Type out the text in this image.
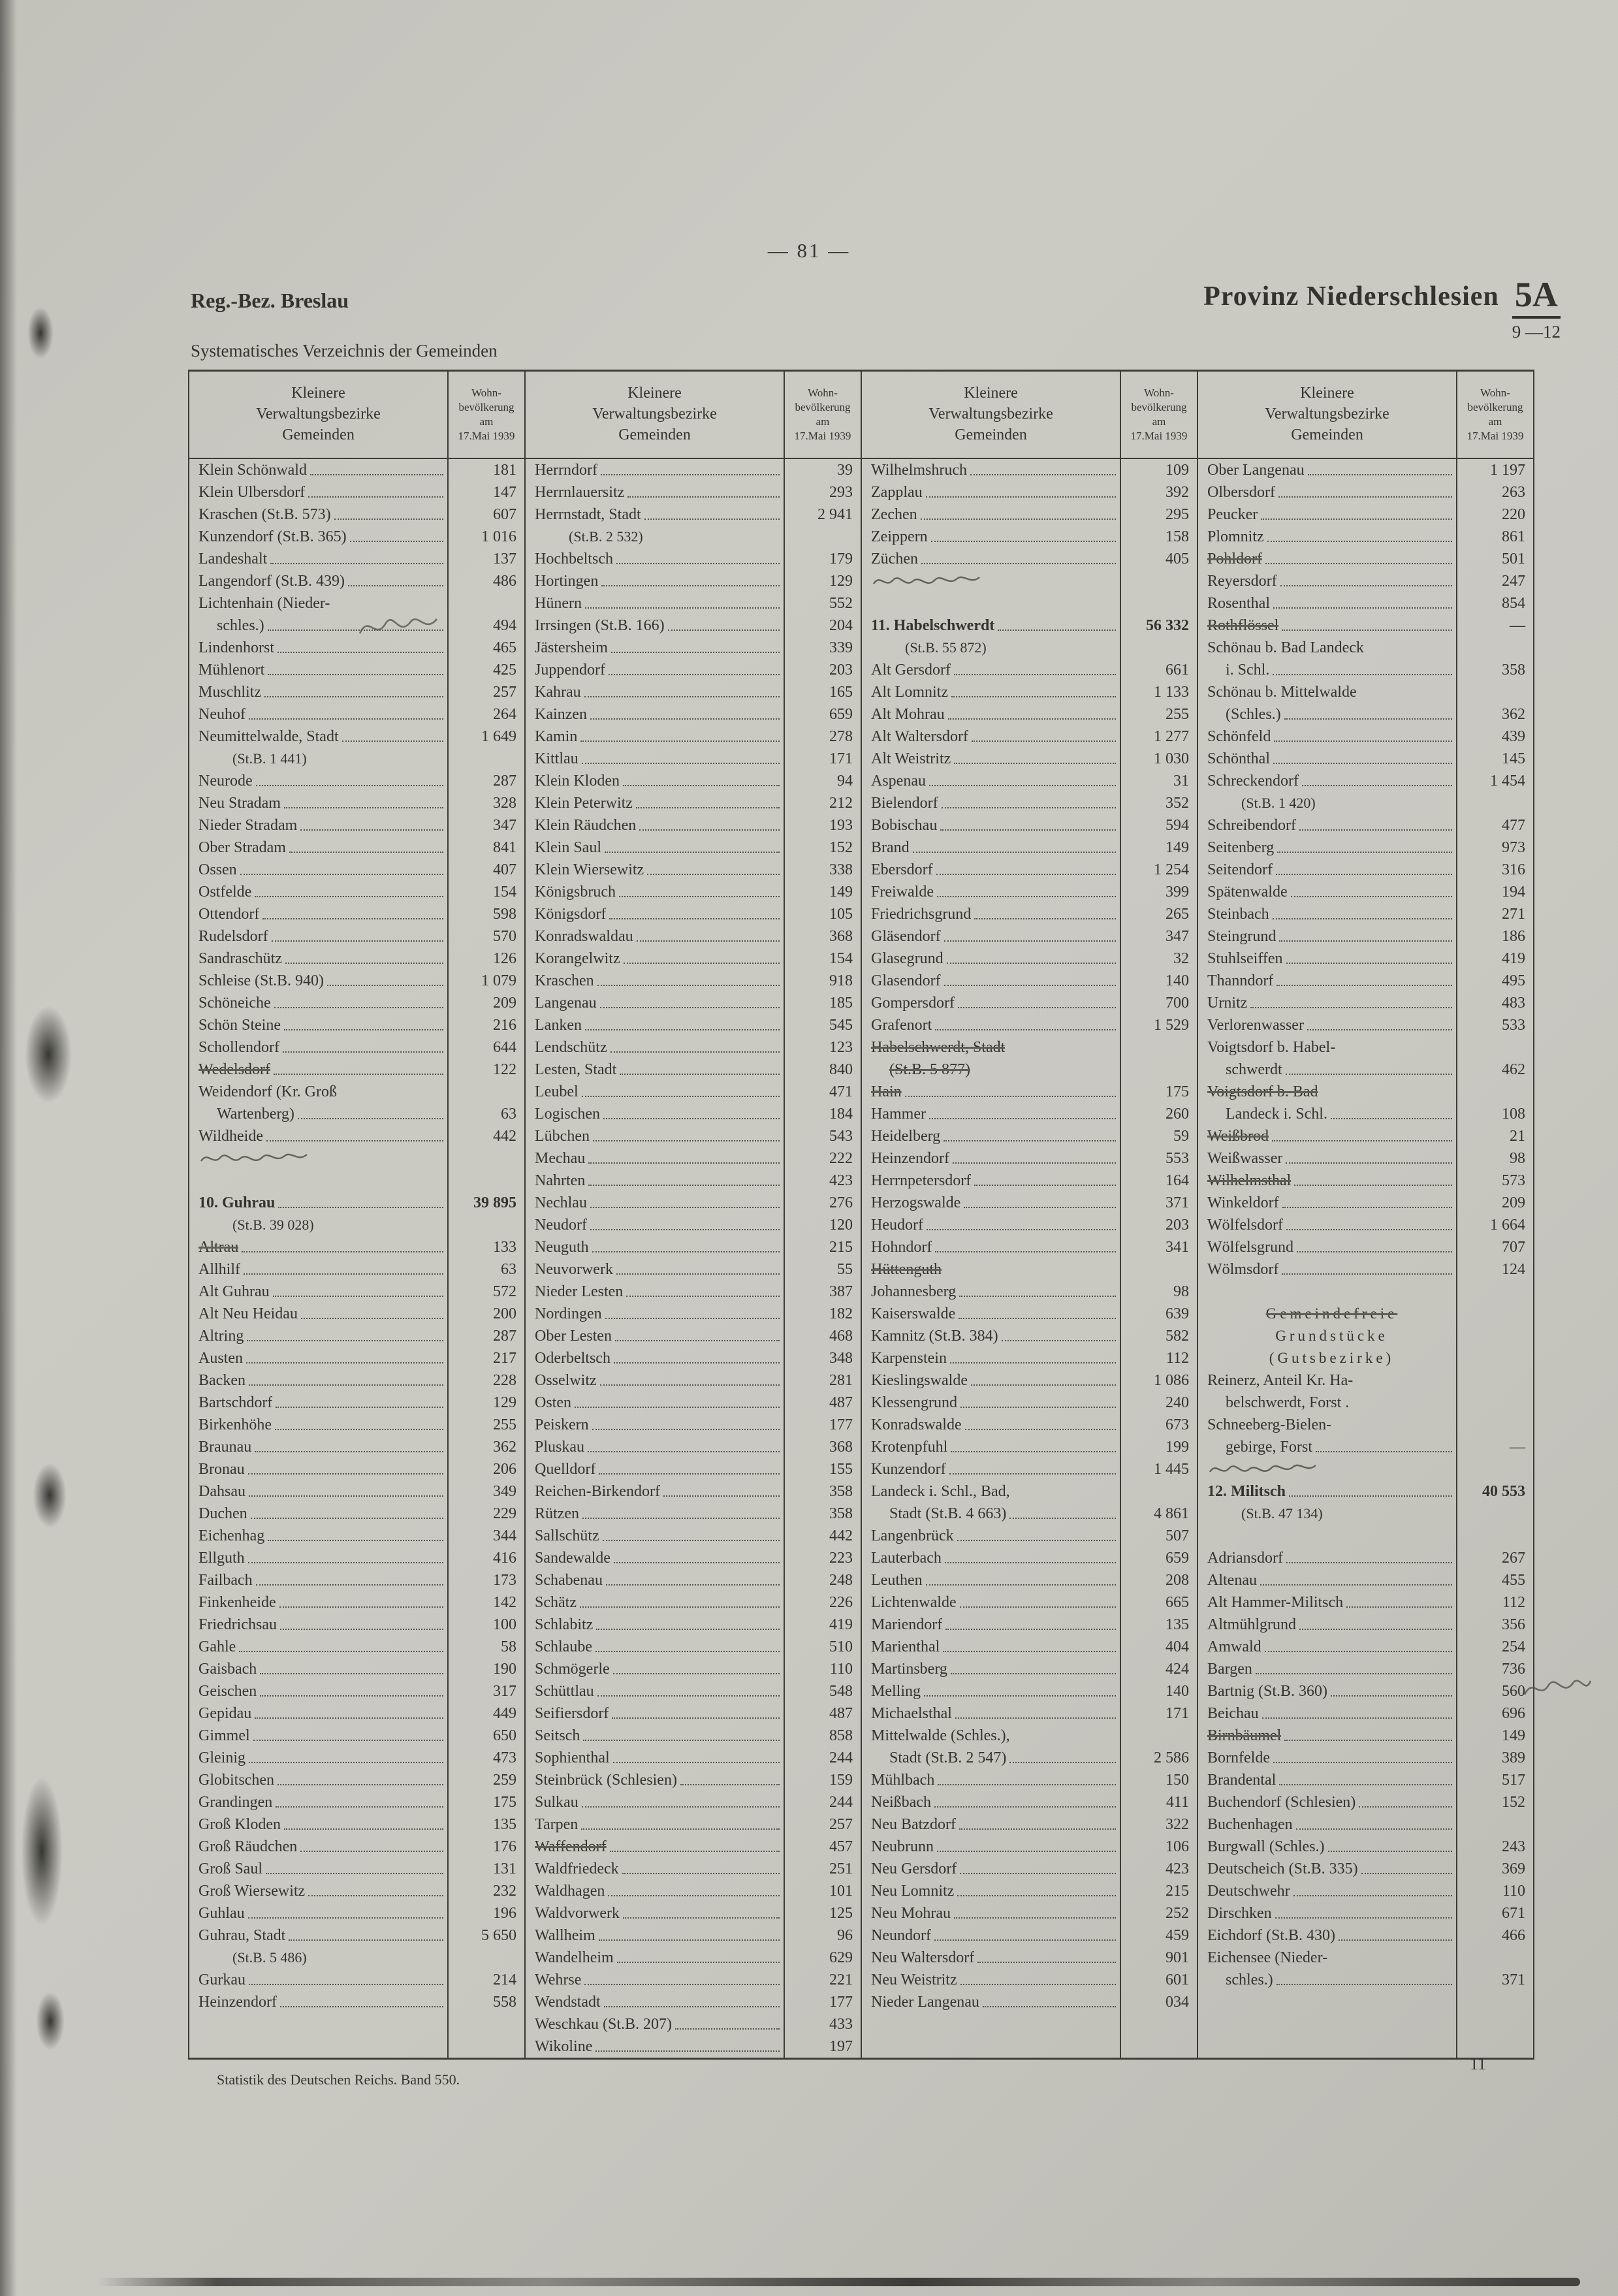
— 81 —
Reg.-Bez. Breslau
Systematisches Verzeichnis der Gemeinden
Provinz Niederschlesien 5A
9 —12
Kleinere
Verwaltungsbezirke
Gemeinden
Wohn-
bevölkerung
am
17.Mai 1939
Klein Schönwald	181
Klein Ulbersdorf	147
Kraschen (St.B. 573)	607
Kunzendorf (St.B. 365)	1 016
Landeshalt	137
Langendorf (St.B. 439)	486
Lichtenhain (Nieder-
schles.)	494
Lindenhorst	465
Mühlenort	425
Muschlitz	257
Neuhof	264
Neumittelwalde, Stadt	1 649
(St.B. 1 441)
Neurode	287
Neu Stradam	328
Nieder Stradam	347
Ober Stradam	841
Ossen	407
Ostfelde	154
Ottendorf	598
Rudelsdorf	570
Sandraschütz	126
Schleise (St.B. 940)	1 079
Schöneiche	209
Schön Steine	216
Schollendorf	644
Wedelsdorf	122
Weidendorf (Kr. Groß
Wartenberg)	63
Wildheide	442
10. Guhrau	39 895
(St.B. 39 028)
Altrau	133
Allhilf	63
Alt Guhrau	572
Alt Neu Heidau	200
Altring	287
Austen	217
Backen	228
Bartschdorf	129
Birkenhöhe	255
Braunau	362
Bronau	206
Dahsau	349
Duchen	229
Eichenhag	344
Ellguth	416
Failbach	173
Finkenheide	142
Friedrichsau	100
Gahle	58
Gaisbach	190
Geischen	317
Gepidau	449
Gimmel	650
Gleinig	473
Globitschen	259
Grandingen	175
Groß Kloden	135
Groß Räudchen	176
Groß Saul	131
Groß Wiersewitz	232
Guhlau	196
Guhrau, Stadt	5 650
(St.B. 5 486)
Gurkau	214
Heinzendorf	558
Kleinere
Verwaltungsbezirke
Gemeinden
Wohn-
bevölkerung
am
17.Mai 1939
Herrndorf	39
Herrnlauersitz	293
Herrnstadt, Stadt	2 941
(St.B. 2 532)
Hochbeltsch	179
Hortingen	129
Hünern	552
Irrsingen (St.B. 166)	204
Jästersheim	339
Juppendorf	203
Kahrau	165
Kainzen	659
Kamin	278
Kittlau	171
Klein Kloden	94
Klein Peterwitz	212
Klein Räudchen	193
Klein Saul	152
Klein Wiersewitz	338
Königsbruch	149
Königsdorf	105
Konradswaldau	368
Korangelwitz	154
Kraschen	918
Langenau	185
Lanken	545
Lendschütz	123
Lesten, Stadt	840
Leubel	471
Logischen	184
Lübchen	543
Mechau	222
Nahrten	423
Nechlau	276
Neudorf	120
Neuguth	215
Neuvorwerk	55
Nieder Lesten	387
Nordingen	182
Ober Lesten	468
Oderbeltsch	348
Osselwitz	281
Osten	487
Peiskern	177
Pluskau	368
Quelldorf	155
Reichen-Birkendorf	358
Rützen	358
Sallschütz	442
Sandewalde	223
Schabenau	248
Schätz	226
Schlabitz	419
Schlaube	510
Schmögerle	110
Schüttlau	548
Seifiersdorf	487
Seitsch	858
Sophienthal	244
Steinbrück (Schlesien)	159
Sulkau	244
Tarpen	257
Waffendorf	457
Waldfriedeck	251
Waldhagen	101
Waldvorwerk	125
Wallheim	96
Wandelheim	629
Wehrse	221
Wendstadt	177
Weschkau (St.B. 207)	433
Wikoline	197
Kleinere
Verwaltungsbezirke
Gemeinden
Wohn-
bevölkerung
am
17.Mai 1939
Wilhelmshruch	109
Zapplau	392
Zechen	295
Zeippern	158
Züchen	405
11. Habelschwerdt	56 332
(St.B. 55 872)
Alt Gersdorf	661
Alt Lomnitz	1 133
Alt Mohrau	255
Alt Waltersdorf	1 277
Alt Weistritz	1 030
Aspenau	31
Bielendorf	352
Bobischau	594
Brand	149
Ebersdorf	1 254
Freiwalde	399
Friedrichsgrund	265
Gläsendorf	347
Glasegrund	32
Glasendorf	140
Gompersdorf	700
Grafenort	1 529
Habelschwerdt, Stadt
(St.B. 5 877)
Hain	175
Hammer	260
Heidelberg	59
Heinzendorf	553
Herrnpetersdorf	164
Herzogswalde	371
Heudorf	203
Hohndorf	341
Hüttenguth
Johannesberg	98
Kaiserswalde	639
Kamnitz (St.B. 384)	582
Karpenstein	112
Kieslingswalde	1 086
Klessengrund	240
Konradswalde	673
Krotenpfuhl	199
Kunzendorf	1 445
Landeck i. Schl., Bad,
Stadt (St.B. 4 663)	4 861
Langenbrück	507
Lauterbach	659
Leuthen	208
Lichtenwalde	665
Mariendorf	135
Marienthal	404
Martinsberg	424
Melling	140
Michaelsthal	171
Mittelwalde (Schles.),
Stadt (St.B. 2 547)	2 586
Mühlbach	150
Neißbach	411
Neu Batzdorf	322
Neubrunn	106
Neu Gersdorf	423
Neu Lomnitz	215
Neu Mohrau	252
Neundorf	459
Neu Waltersdorf	901
Neu Weistritz	601
Nieder Langenau	034
Kleinere
Verwaltungsbezirke
Gemeinden
Wohn-
bevölkerung
am
17.Mai 1939
Ober Langenau	1 197
Olbersdorf	263
Peucker	220
Plomnitz	861
Pohldorf	501
Reyersdorf	247
Rosenthal	854
Rothflössel	—
Schönau b. Bad Landeck
i. Schl.	358
Schönau b. Mittelwalde
(Schles.)	362
Schönfeld	439
Schönthal	145
Schreckendorf	1 454
(St.B. 1 420)
Schreibendorf	477
Seitenberg	973
Seitendorf	316
Spätenwalde	194
Steinbach	271
Steingrund	186
Stuhlseiffen	419
Thanndorf	495
Urnitz	483
Verlorenwasser	533
Voigtsdorf b. Habel-
schwerdt	462
Voigtsdorf b. Bad
Landeck i. Schl.	108
Weißbrod	21
Weißwasser	98
Wilhelmsthal	573
Winkeldorf	209
Wölfelsdorf	1 664
Wölfelsgrund	707
Wölmsdorf	124
Gemeindefreie
Grundstücke
(Gutsbezirke)
Reinerz, Anteil Kr. Ha-
belschwerdt, Forst .
Schneeberg-Bielen-
gebirge, Forst	—
12. Militsch	40 553
(St.B. 47 134)
Adriansdorf	267
Altenau	455
Alt Hammer-Militsch	112
Altmühlgrund	356
Amwald	254
Bargen	736
Bartnig (St.B. 360)	560
Beichau	696
Birnbäumel	149
Bornfelde	389
Brandental	517
Buchendorf (Schlesien)	152
Buchenhagen
Burgwall (Schles.)	243
Deutscheich (St.B. 335)	369
Deutschwehr	110
Dirschken	671
Eichdorf (St.B. 430)	466
Eichensee (Nieder-
schles.)	371
Statistik des Deutschen Reichs. Band 550.
11
